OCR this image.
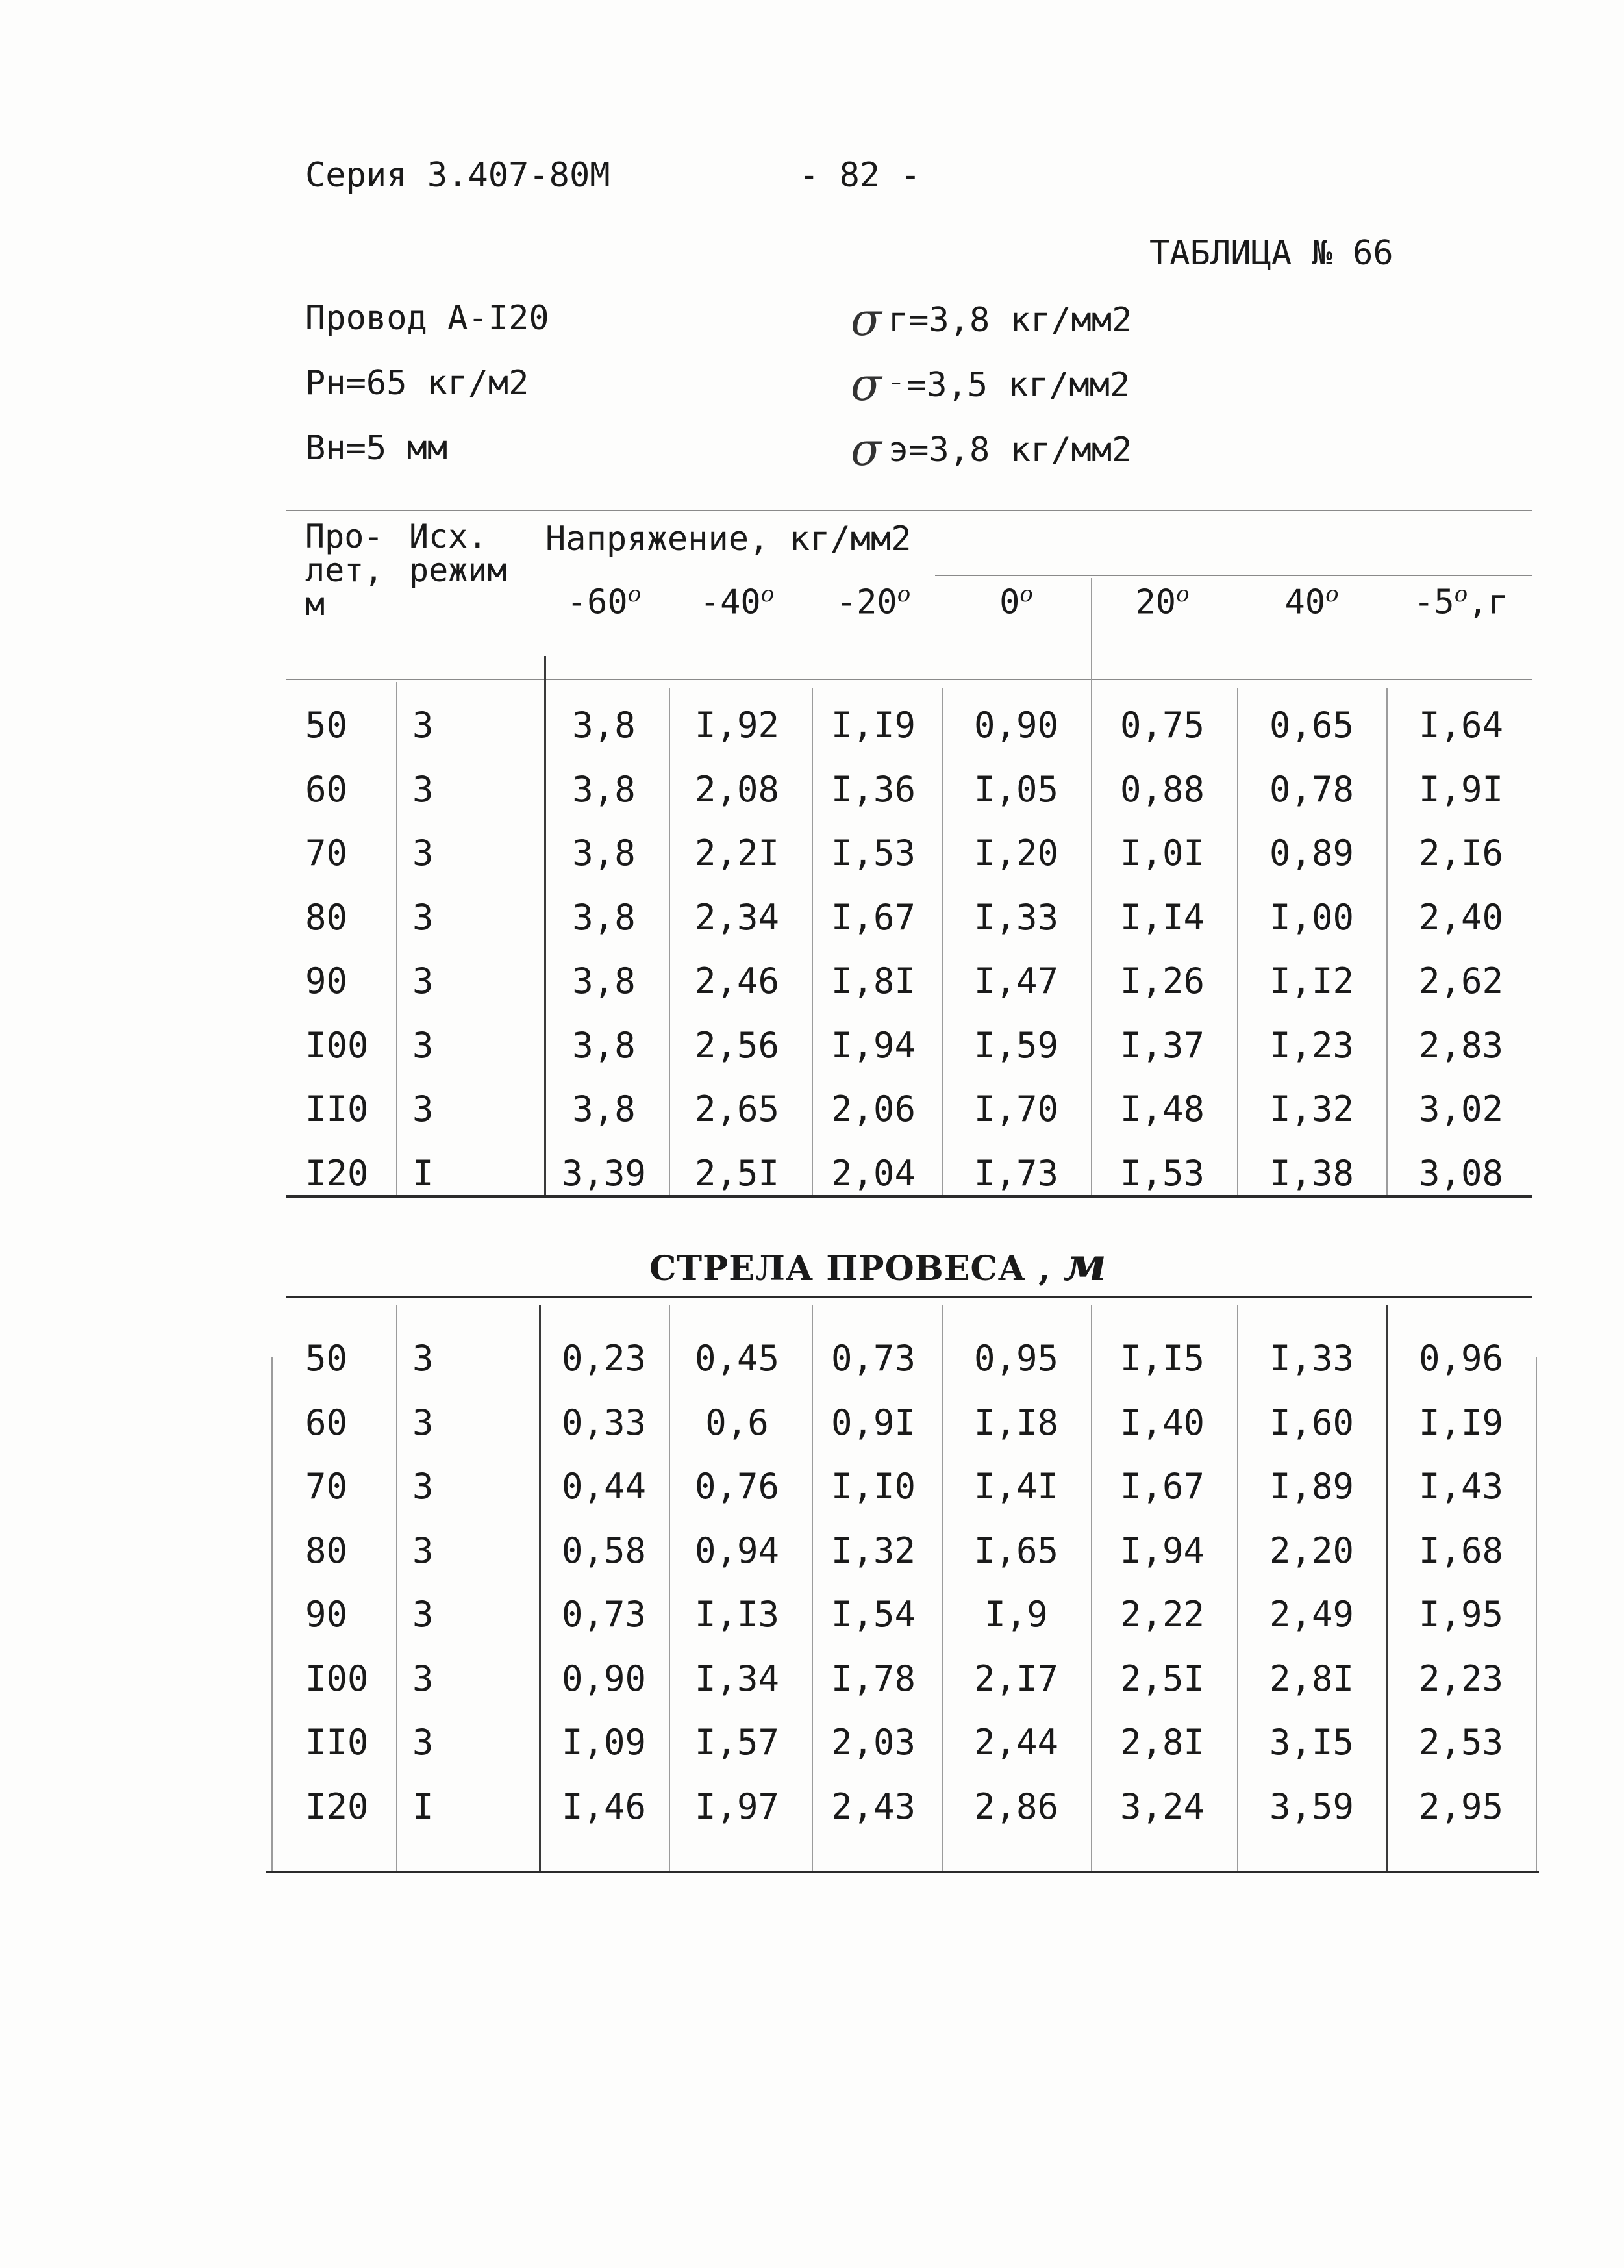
Серия 3.407-80М	- 82 -
ТАБЛИЦА № 66
Провод А-I20
Рн=65 кг/м2
Вн=5 мм
σ г=3,8 кг/мм2
σ ⁻=3,5 кг/мм2
σ э=3,8 кг/мм2
Про-
лет,
м
Исх.
режим
Напряжение, кг/мм2
СТРЕЛА ПРОВЕСА , м
-60$^o$	-40$^o$	-20$^o$	0$^o$	20$^o$	40$^o$	-5$^o$,г
50 3	3,8	I,92	I,I9	0,90	0,75	0,65	I,64
60 3	3,8	2,08	I,36	I,05	0,88	0,78	I,9I
70 3	3,8	2,2I	I,53	I,20	I,0I	0,89	2,I6
80 3	3,8	2,34	I,67	I,33	I,I4	I,00	2,40
90 3	3,8	2,46	I,8I	I,47	I,26	I,I2	2,62
I00 3	3,8	2,56	I,94	I,59	I,37	I,23	2,83
II0 3	3,8	2,65	2,06	I,70	I,48	I,32	3,02
I20 I	3,39	2,5I	2,04	I,73	I,53	I,38	3,08
50 3	0,23	0,45	0,73	0,95	I,I5	I,33	0,96
60 3	0,33	0,6	0,9I	I,I8	I,40	I,60	I,I9
70 3	0,44	0,76	I,I0	I,4I	I,67	I,89	I,43
80 3	0,58	0,94	I,32	I,65	I,94	2,20	I,68
90 3	0,73	I,I3	I,54	I,9	2,22	2,49	I,95
I00 3	0,90	I,34	I,78	2,I7	2,5I	2,8I	2,23
II0 3	I,09	I,57	2,03	2,44	2,8I	3,I5	2,53
I20 I	I,46	I,97	2,43	2,86	3,24	3,59	2,95
